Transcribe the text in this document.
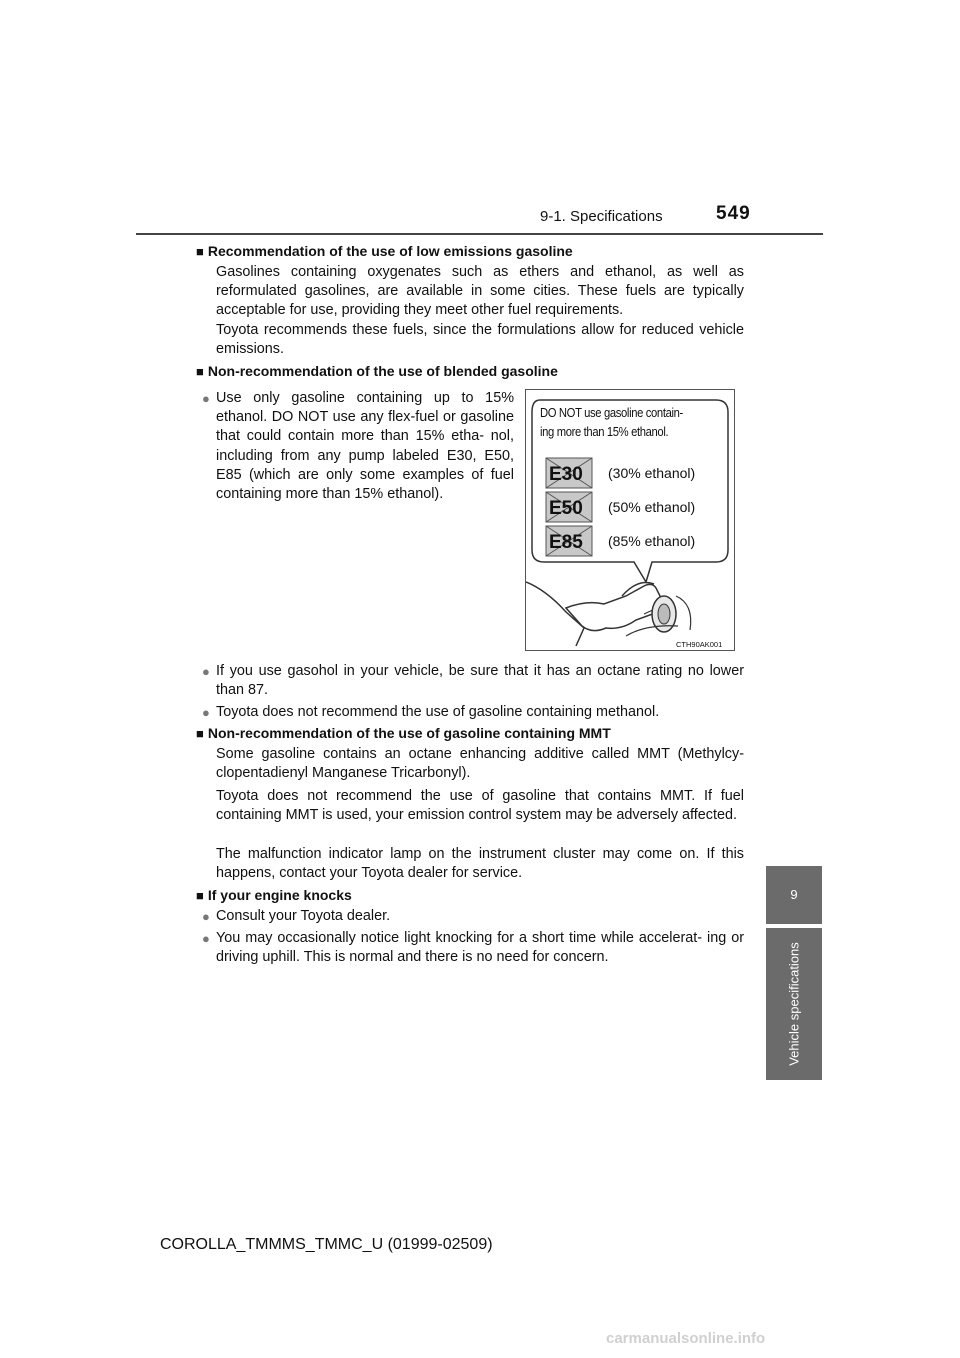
9-1. Specifications	549
9
Vehicle specifications
■ Recommendation of the use of low emissions gasoline
Gasolines containing oxygenates such as ethers and ethanol, as well as reformulated gasolines, are available in some cities. These fuels are typically acceptable for use, providing they meet other fuel requirements.
Toyota recommends these fuels, since the formulations allow for reduced vehicle emissions.
■ Non-recommendation of the use of blended gasoline
● Use only gasoline containing up to 15% ethanol. DO NOT use any flex-fuel or gasoline that could contain more than 15% etha- nol, including from any pump labeled E30, E50, E85 (which are only some examples of fuel containing more than 15% ethanol).
DO NOT use gasoline contain-
ing more than 15% ethanol.
E30
E50
E85
(30% ethanol)
(50% ethanol)
(85% ethanol)
CTH90AK001
● If you use gasohol in your vehicle, be sure that it has an octane rating no lower than 87.
● Toyota does not recommend the use of gasoline containing methanol.
■ Non-recommendation of the use of gasoline containing MMT
Some gasoline contains an octane enhancing additive called MMT (Methylcy- clopentadienyl Manganese Tricarbonyl).
Toyota does not recommend the use of gasoline that contains MMT. If fuel containing MMT is used, your emission control system may be adversely affected.
The malfunction indicator lamp on the instrument cluster may come on. If this happens, contact your Toyota dealer for service.
■ If your engine knocks
● Consult your Toyota dealer.
● You may occasionally notice light knocking for a short time while accelerat- ing or driving uphill. This is normal and there is no need for concern.
COROLLA_TMMMS_TMMC_U (01999-02509)
carmanualsonline.info
